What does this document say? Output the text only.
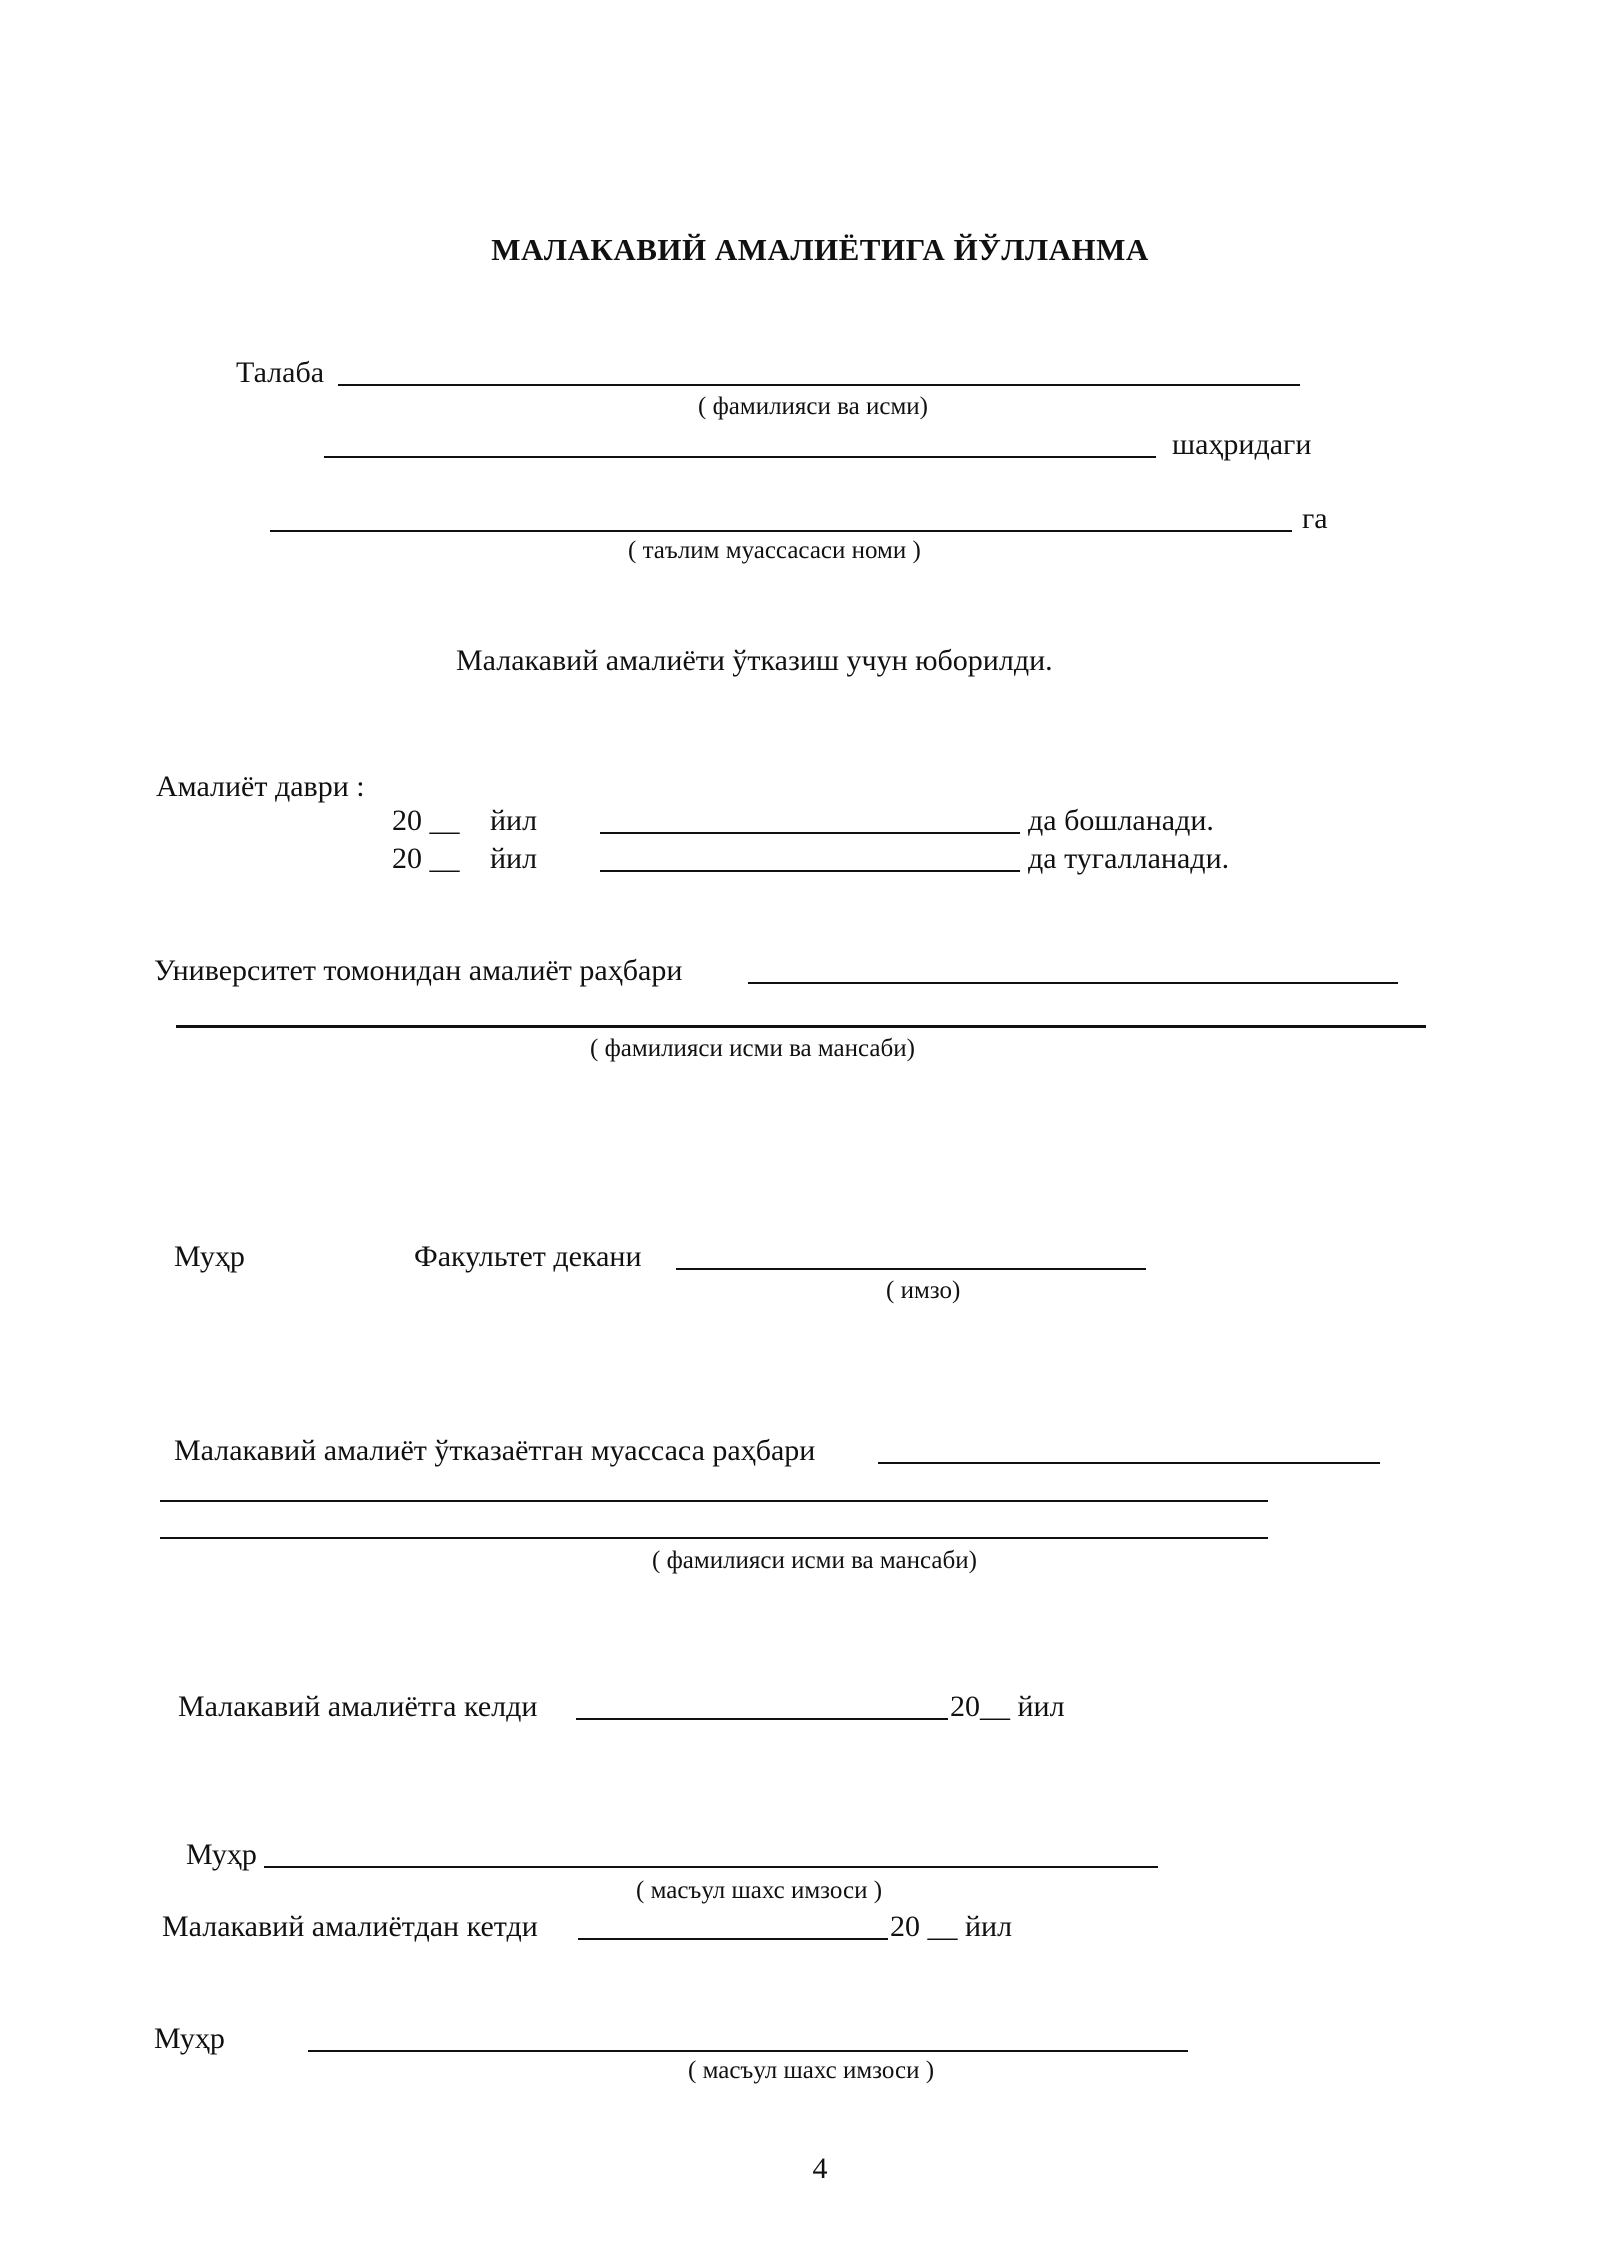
МАЛАКАВИЙ АМАЛИЁТИГА ЙЎЛЛАНМА
Талаба
( фамилияси ва исми)
шаҳридаги
га
( таълим муассасаси номи )
Малакавий амалиёти ўтказиш учун юборилди.
Амалиёт даври :
20 __ йил	да бошланади.
20 __ йил	да тугалланади.
Университет томонидан амалиёт раҳбари
( фамилияси исми ва мансаби)
Муҳр	Факультет декани
( имзо)
Малакавий амалиёт ўтказаётган муассаса раҳбари
( фамилияси исми ва мансаби)
Малакавий амалиётга келди	20__ йил
Муҳр
( масъул шахс имзоси )
Малакавий амалиётдан кетди	20 __ йил
Муҳр
( масъул шахс имзоси )
4
